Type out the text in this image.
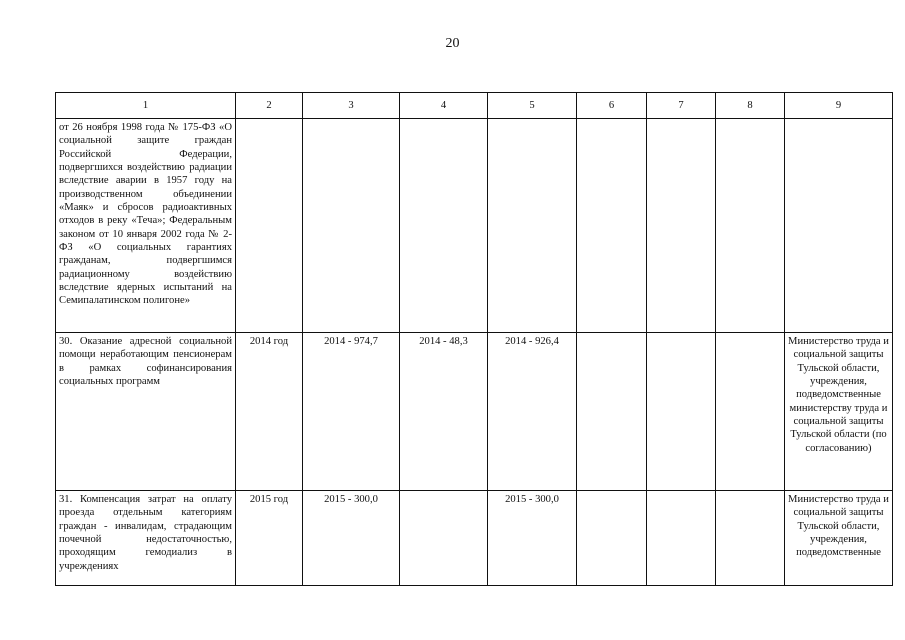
20
1	2	3	4	5	6	7	8	9
от 26 ноября 1998 года № 175-ФЗ «О социальной защите граждан Российской Федерации, подвергшихся воздействию радиации вследствие аварии в 1957 году на производственном объединении «Маяк» и сбросов радиоактивных отходов в реку «Теча»; Федеральным законом от 10 января 2002 года № 2-ФЗ «О социальных гарантиях гражданам, подвергшимся радиационному воздействию вследствие ядерных испытаний на Семипалатинском полигоне»								
30. Оказание адресной социальной помощи неработающим пенсионерам в рамках софинансирования социальных программ	2014 год	2014 - 974,7	2014 - 48,3	2014 - 926,4				Министерство труда и социальной защиты Тульской области, учреждения, подведомственные министерству труда и социальной защиты Тульской области (по согласованию)

31. Компенсация затрат на оплату проезда отдельным категориям граждан - инвалидам, страдающим почечной недостаточностью, проходящим гемодиализ в учреждениях	2015 год	2015 - 300,0		2015 - 300,0				Министерство труда и социальной защиты Тульской области, учреждения, подведомственные
